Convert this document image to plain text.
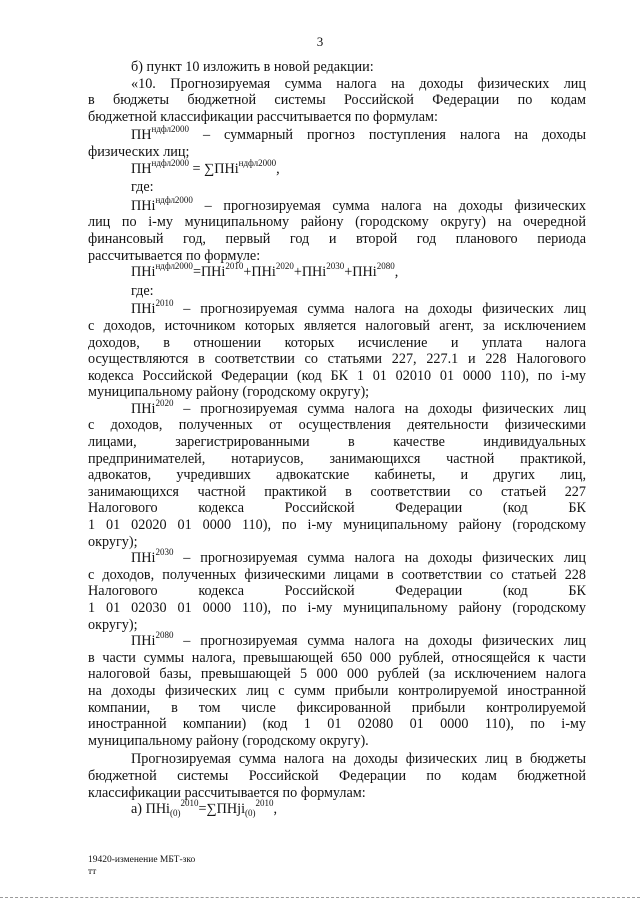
3

б) пункт 10 изложить в новой редакции:

«10. Прогнозируемая сумма налога на доходы физических лиц

в бюджеты бюджетной системы Российской Федерации по кодам

бюджетной классификации рассчитывается по формулам:

$ПН^{ндфл2000}$ – суммарный прогноз поступления налога на доходы

физических лиц;

$ПН^{ндфл2000} = \sum ПНi^{ндфл2000}$,

где:

ПНi$^{ндфл2000}$ – прогнозируемая сумма налога на доходы физических

лиц по i-му муниципальному району (городскому округу) на очередной

финансовый год, первый год и второй год планового периода

рассчитывается по формуле:

ПНi$^{ндфл2000}$=ПНi$^{2010}$+ПНi$^{2020}$+ПНi$^{2030}$+ПНi$^{2080}$,

где:

ПНi$^{2010}$ – прогнозируемая сумма налога на доходы физических лиц

с доходов, источником которых является налоговый агент, за исключением

доходов, в отношении которых исчисление и уплата налога

осуществляются в соответствии со статьями 227, 227.1 и 228 Налогового

кодекса Российской Федерации (код БК 1 01 02010 01 0000 110), по i-му

муниципальному району (городскому округу);

ПНi$^{2020}$ – прогнозируемая сумма налога на доходы физических лиц

с доходов, полученных от осуществления деятельности физическими

лицами, зарегистрированными в качестве индивидуальных

предпринимателей, нотариусов, занимающихся частной практикой,

адвокатов, учредивших адвокатские кабинеты, и других лиц,

занимающихся частной практикой в соответствии со статьей 227

Налогового кодекса Российской Федерации (код БК

1 01 02020 01 0000 110), по i-му муниципальному району (городскому

округу);

ПНi$^{2030}$ – прогнозируемая сумма налога на доходы физических лиц

с доходов, полученных физическими лицами в соответствии со статьей 228

Налогового кодекса Российской Федерации (код БК

1 01 02030 01 0000 110), по i-му муниципальному району (городскому

округу);

ПНi$^{2080}$ – прогнозируемая сумма налога на доходы физических лиц

в части суммы налога, превышающей 650 000 рублей, относящейся к части

налоговой базы, превышающей 5 000 000 рублей (за исключением налога

на доходы физических лиц с сумм прибыли контролируемой иностранной

компании, в том числе фиксированной прибыли контролируемой

иностранной компании) (код 1 01 02080 01 0000 110), по i-му

муниципальному району (городскому округу).

Прогнозируемая сумма налога на доходы физических лиц в бюджеты

бюджетной системы Российской Федерации по кодам бюджетной

классификации рассчитывается по формулам:

а) ПНi$_{(0)}^{2010}$=∑ПНji$_{(0)}^{2010}$,

19420-изменение МБТ-зко
тт
